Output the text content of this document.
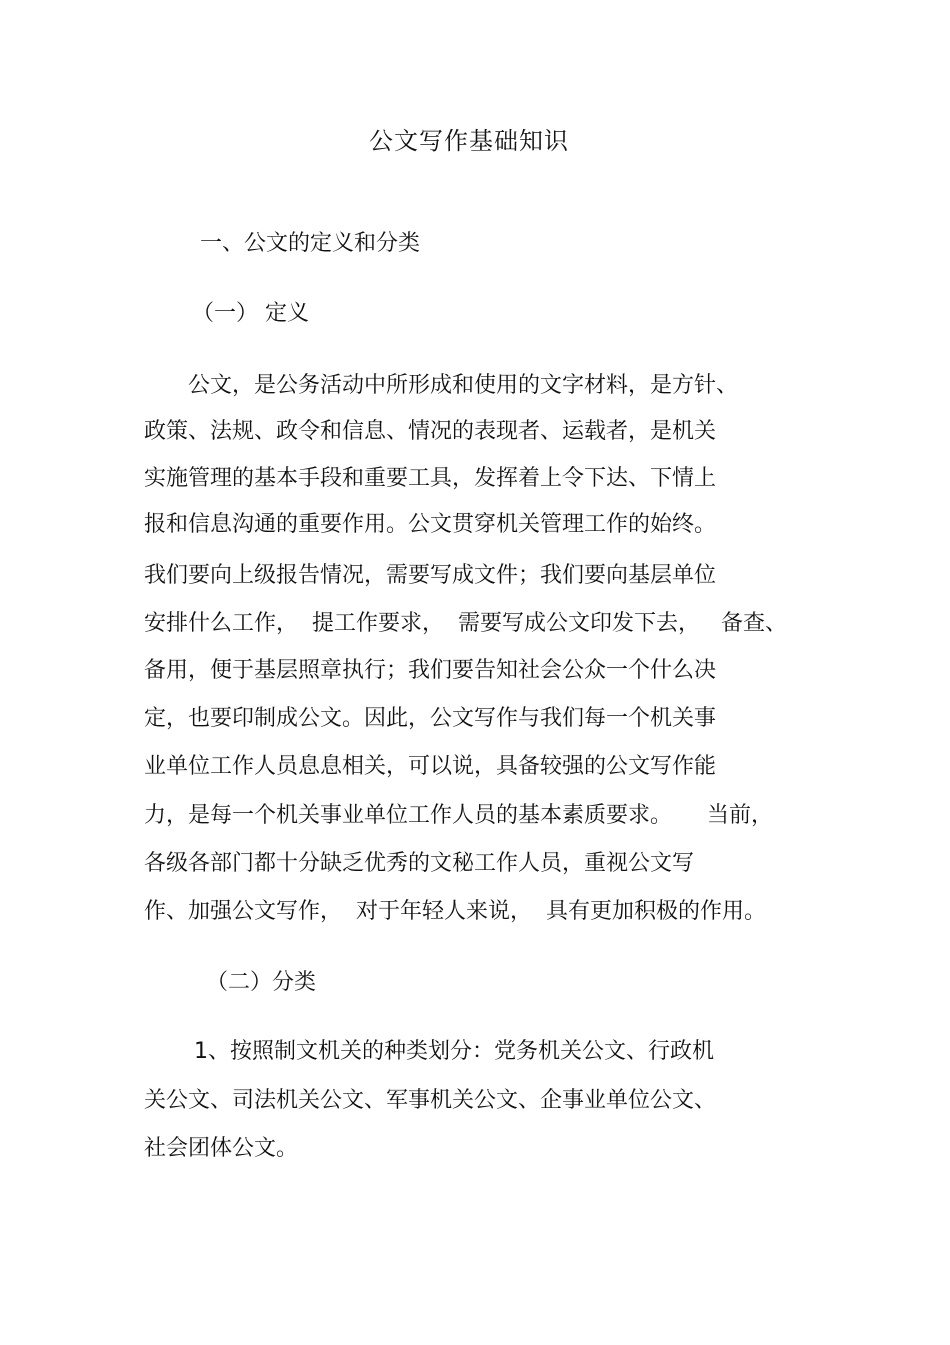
公文写作基础知识
一、公文的定义和分类
（一） 定义
公文，是公务活动中所形成和使用的文字材料，是方针、
政策、法规、政令和信息、情况的表现者、运载者，是机关
实施管理的基本手段和重要工具，发挥着上令下达、下情上
报和信息沟通的重要作用。公文贯穿机关管理工作的始终。
我们要向上级报告情况，需要写成文件；我们要向基层单位
安排什么工作，  提工作要求，  需要写成公文印发下去，   备查、
备用，便于基层照章执行；我们要告知社会公众一个什么决
定，也要印制成公文。因此，公文写作与我们每一个机关事
业单位工作人员息息相关，可以说，具备较强的公文写作能
力，是每一个机关事业单位工作人员的基本素质要求。     当前，
各级各部门都十分缺乏优秀的文秘工作人员，重视公文写
作、加强公文写作，  对于年轻人来说，  具有更加积极的作用。
（二）分类
1、按照制文机关的种类划分：党务机关公文、行政机
关公文、司法机关公文、军事机关公文、企事业单位公文、
社会团体公文。
